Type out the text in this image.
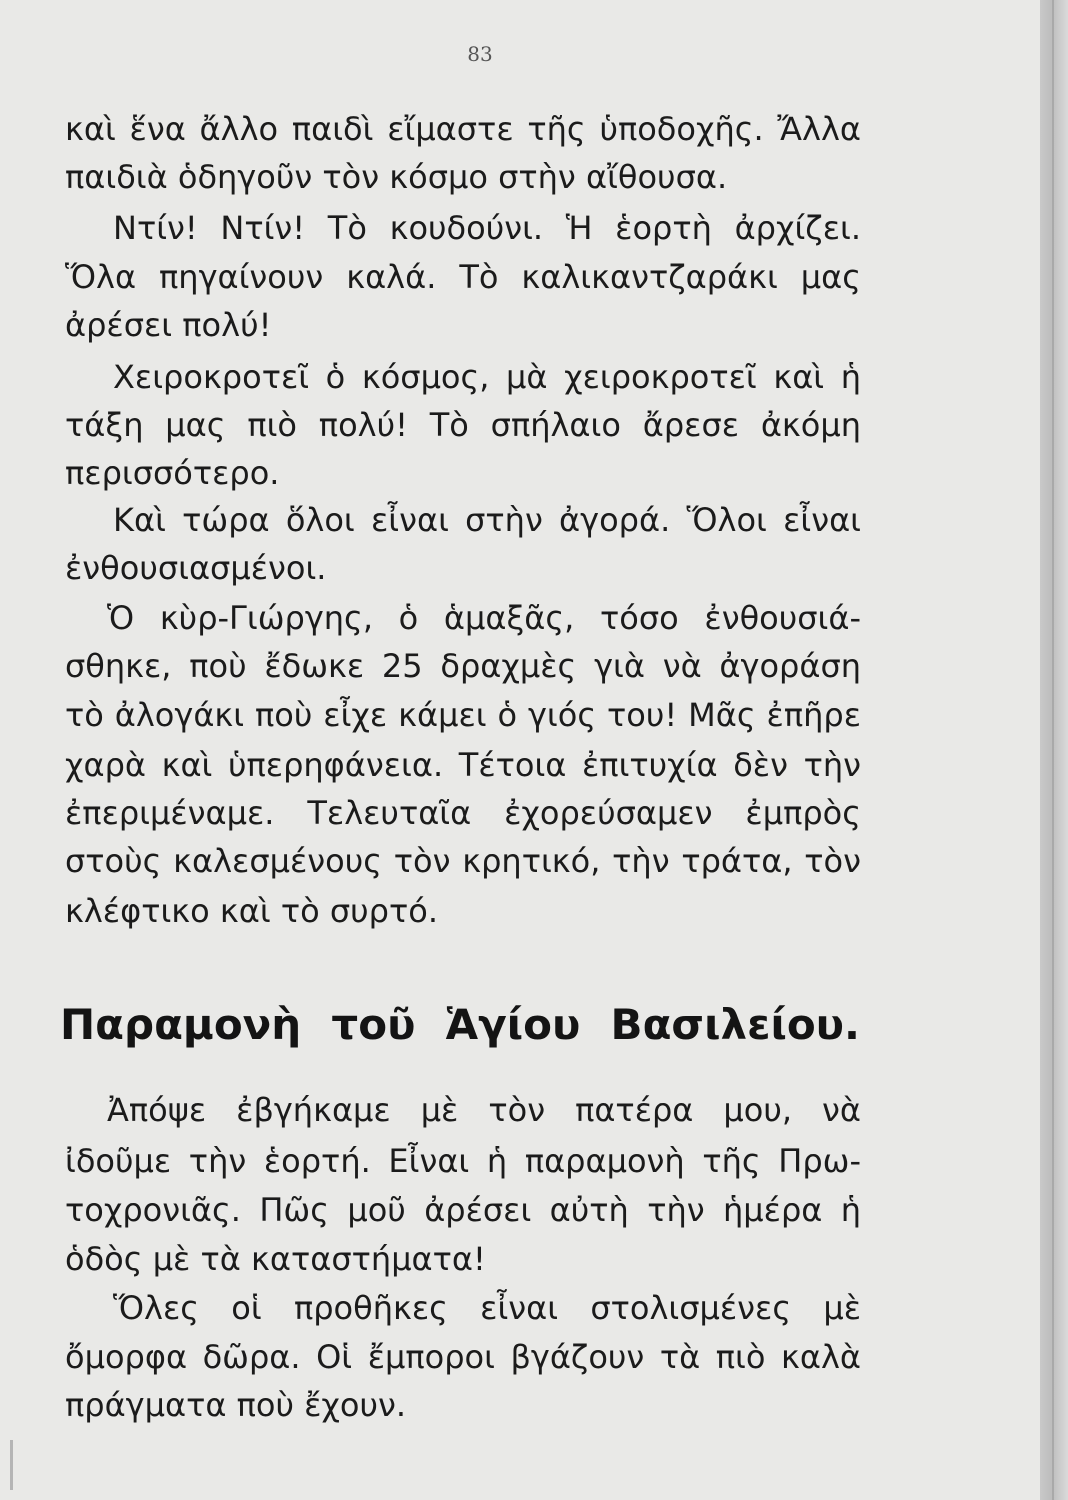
83
καὶ ἕνα ἄλλο παιδὶ εἴμαστε τῆς ὑποδοχῆς. Ἄλλα
παιδιὰ ὁδηγοῦν τὸν κόσμο στὴν αἴθουσα.
Ντίν! Ντίν! Τὸ κουδούνι. Ἡ ἑορτὴ ἀρχίζει.
Ὅλα πηγαίνουν καλά. Τὸ καλικαντζαράκι μας
ἀρέσει πολύ!
Χειροκροτεῖ ὁ κόσμος, μὰ χειροκροτεῖ καὶ ἡ
τάξη μας πιὸ πολύ! Τὸ σπήλαιο ἄρεσε ἀκόμη
περισσότερο.
Καὶ τώρα ὅλοι εἶναι στὴν ἀγορά. Ὅλοι εἶναι
ἐνθουσιασμένοι.
Ὁ κὺρ-Γιώργης, ὁ ἁμαξᾶς, τόσο ἐνθουσιά-
σθηκε, ποὺ ἔδωκε 25 δραχμὲς γιὰ νὰ ἀγοράση
τὸ ἀλογάκι ποὺ εἶχε κάμει ὁ γιός του! Μᾶς ἐπῆρε
χαρὰ καὶ ὑπερηφάνεια. Τέτοια ἐπιτυχία δὲν τὴν
ἐπεριμέναμε. Τελευταῖα ἐχορεύσαμεν ἐμπρὸς
στοὺς καλεσμένους τὸν κρητικό, τὴν τράτα, τὸν
κλέφτικο καὶ τὸ συρτό.
Παραμονὴ τοῦ Ἁγίου Βασιλείου.
Ἀπόψε ἐβγήκαμε μὲ τὸν πατέρα μου, νὰ
ἰδοῦμε τὴν ἑορτή. Εἶναι ἡ παραμονὴ τῆς Πρω-
τοχρονιᾶς. Πῶς μοῦ ἀρέσει αὐτὴ τὴν ἡμέρα ἡ
ὁδὸς μὲ τὰ καταστήματα!
Ὅλες οἱ προθῆκες εἶναι στολισμένες μὲ
ὄμορφα δῶρα. Οἱ ἔμποροι βγάζουν τὰ πιὸ καλὰ
πράγματα ποὺ ἔχουν.
